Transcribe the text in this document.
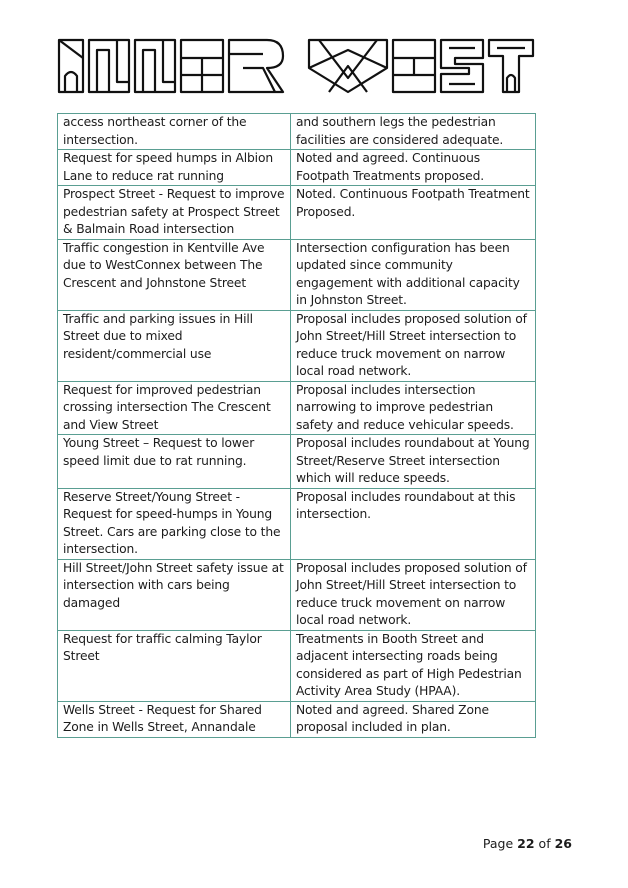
access northeast corner of the intersection.	and southern legs the pedestrian facilities are considered adequate.
Request for speed humps in Albion Lane to reduce rat running	Noted and agreed. Continuous Footpath Treatments proposed.
Prospect Street - Request to improve pedestrian safety at Prospect Street & Balmain Road intersection	Noted. Continuous Footpath Treatment Proposed.
Traffic congestion in Kentville Ave due to WestConnex between The Crescent and Johnstone Street	Intersection configuration has been updated since community engagement with additional capacity in Johnston Street.
Traffic and parking issues in Hill Street due to mixed resident/commercial use	Proposal includes proposed solution of John Street/Hill Street intersection to reduce truck movement on narrow local road network.
Request for improved pedestrian crossing intersection The Crescent and View Street	Proposal includes intersection narrowing to improve pedestrian safety and reduce vehicular speeds.
Young Street – Request to lower speed limit due to rat running.	Proposal includes roundabout at Young Street/Reserve Street intersection which will reduce speeds.
Reserve Street/Young Street - Request for speed-humps in Young Street. Cars are parking close to the intersection.	Proposal includes roundabout at this intersection.
Hill Street/John Street safety issue at intersection with cars being damaged	Proposal includes proposed solution of John Street/Hill Street intersection to reduce truck movement on narrow local road network.
Request for traffic calming Taylor Street	Treatments in Booth Street and adjacent intersecting roads being considered as part of High Pedestrian Activity Area Study (HPAA).
Wells Street - Request for Shared Zone in Wells Street, Annandale	Noted and agreed. Shared Zone proposal included in plan.
Page 22 of 26
